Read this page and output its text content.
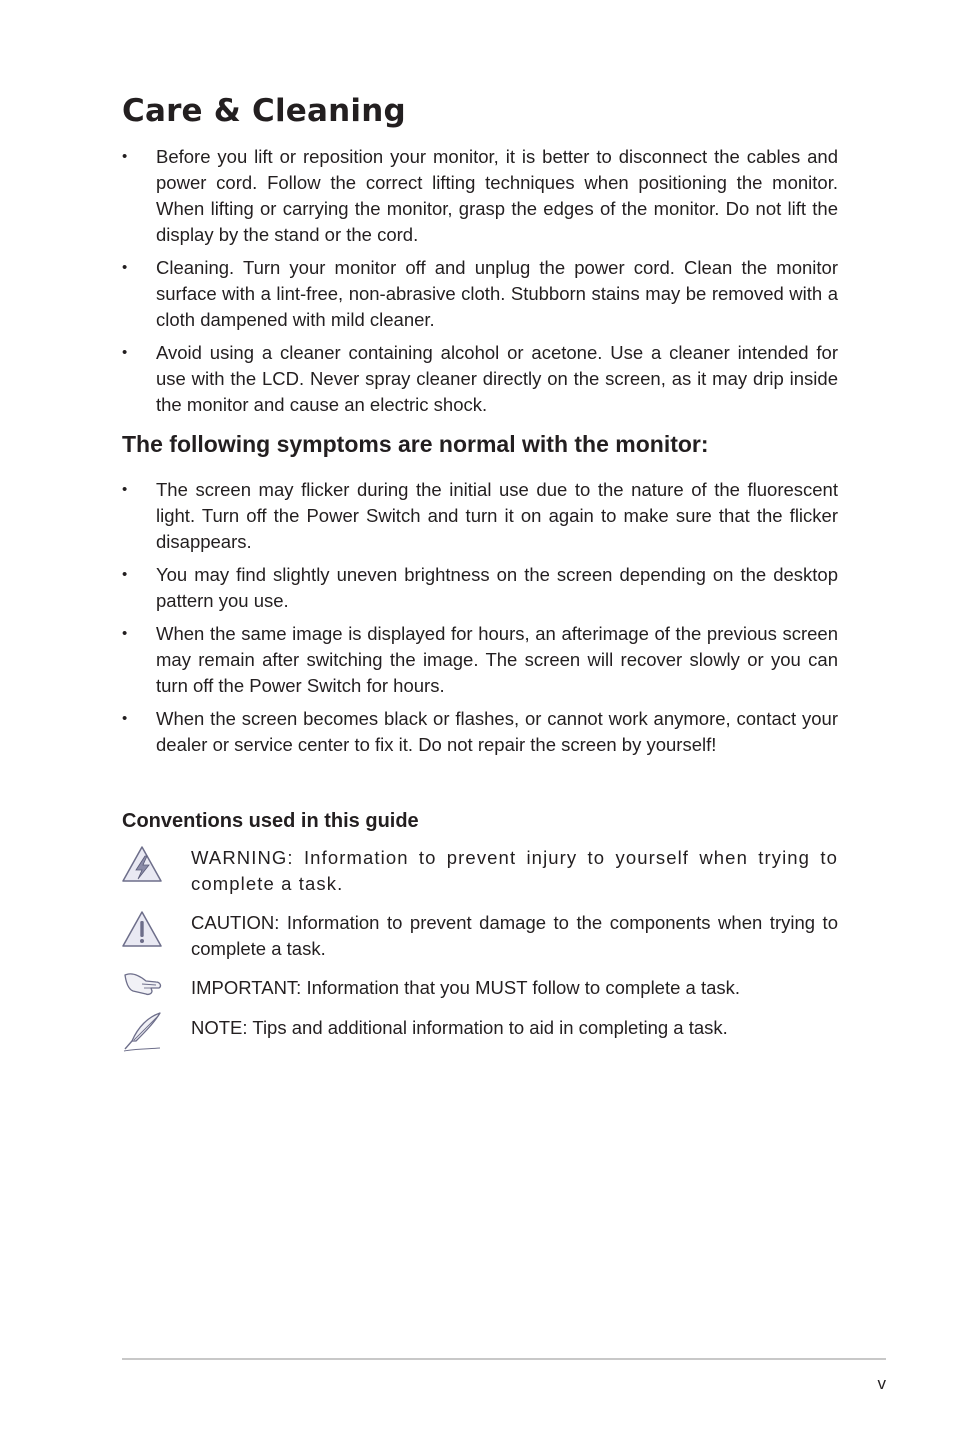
Care & Cleaning
• Before you lift or reposition your monitor, it is better to disconnect the cables and power cord. Follow the correct lifting techniques when positioning the monitor. When lifting or carrying the monitor, grasp the edges of the monitor. Do not lift the display by the stand or the cord.
• Cleaning. Turn your monitor off and unplug the power cord. Clean the monitor surface with a lint-free, non-abrasive cloth. Stubborn stains may be removed with a cloth dampened with mild cleaner.
• Avoid using a cleaner containing alcohol or acetone. Use a cleaner intended for use with the LCD. Never spray cleaner directly on the screen, as it may drip inside the monitor and cause an electric shock.
The following symptoms are normal with the monitor:
• The screen may flicker during the initial use due to the nature of the fluorescent light. Turn off the Power Switch and turn it on again to make sure that the flicker disappears.
• You may find slightly uneven brightness on the screen depending on the desktop pattern you use.
• When the same image is displayed for hours, an afterimage of the previous screen may remain after switching the image. The screen will recover slowly or you can turn off the Power Switch for hours.
• When the screen becomes black or flashes, or cannot work anymore, contact your dealer or service center to fix it. Do not repair the screen by yourself!
Conventions used in this guide

WARNING: Information to prevent injury to yourself when trying to complete a task.

CAUTION: Information to prevent damage to the components when trying to complete a task.

IMPORTANT: Information that you MUST follow to complete a task.

NOTE: Tips and additional information to aid in completing a task.

v
